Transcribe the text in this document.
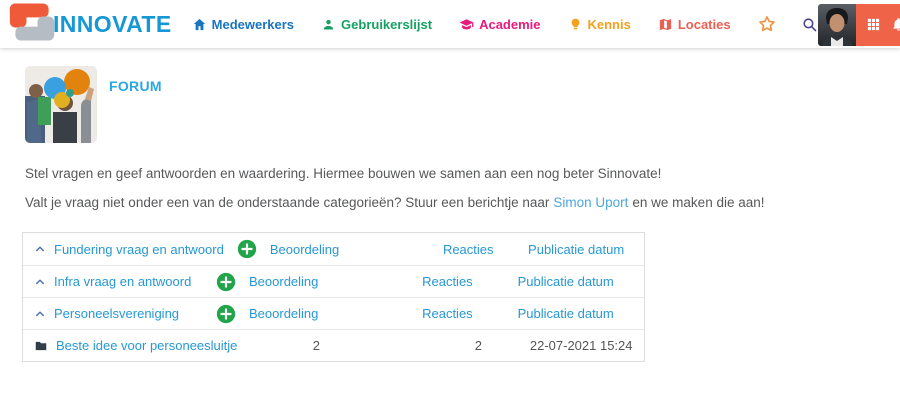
INNOVATE	Medewerkers	Gebruikerslijst	Academie	Kennis	Locaties
FORUM

Stel vragen en geef antwoorden en waardering. Hiermee bouwen we samen aan een nog beter Sinnovate!

Valt je vraag niet onder een van de onderstaande categorieën? Stuur een berichtje naar Simon Uport en we maken die aan!

Fundering vraag en antwoord	Beoordeling	Reacties	Publicatie datum
Infra vraag en antwoord	Beoordeling	Reacties	Publicatie datum
Personeelsvereniging	Beoordeling	Reacties	Publicatie datum
Beste idee voor personeesluitje	2	2	22-07-2021 15:24
